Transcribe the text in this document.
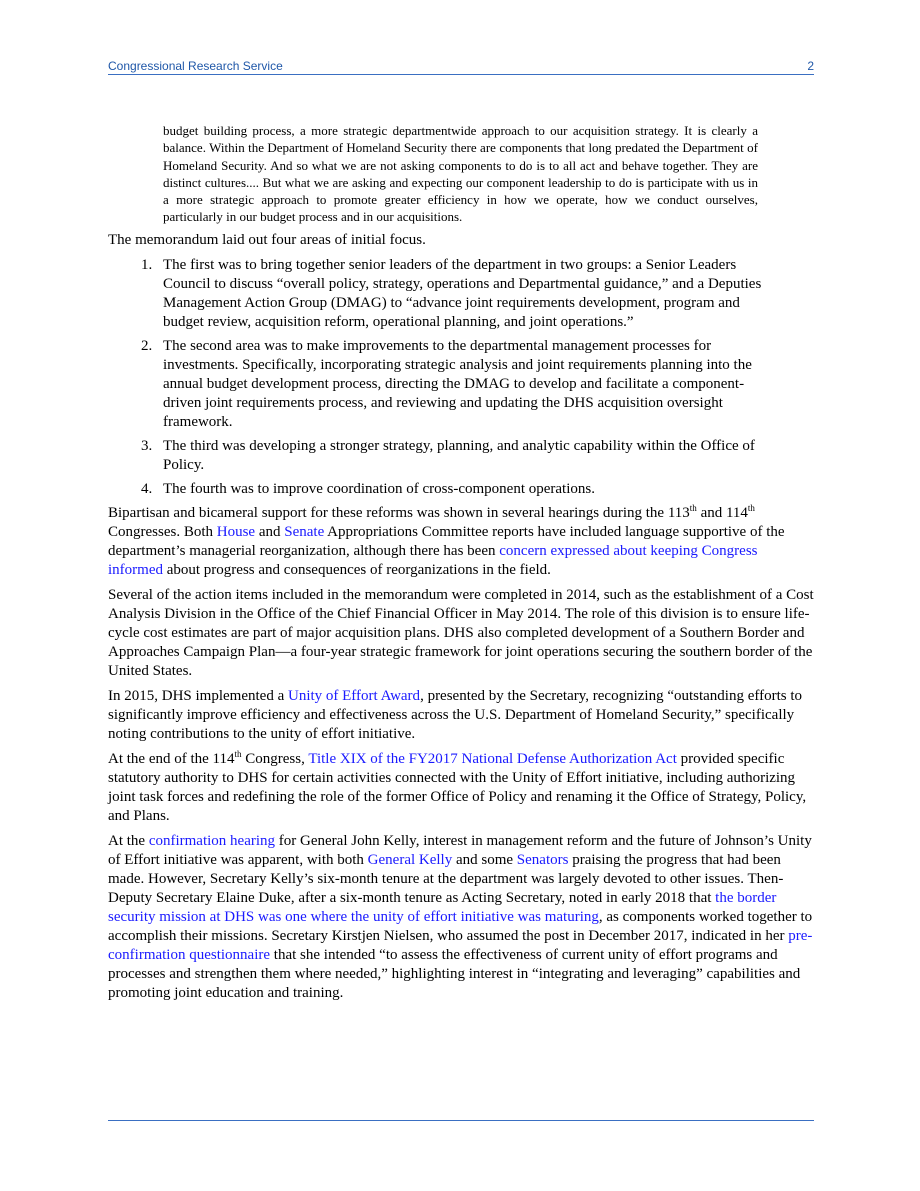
Congressional Research Service	2

budget building process, a more strategic departmentwide approach to our acquisition strategy. It is clearly a balance. Within the Department of Homeland Security there are components that long predated the Department of Homeland Security. And so what we are not asking components to do is to all act and behave together. They are distinct cultures.... But what we are asking and expecting our component leadership to do is participate with us in a more strategic approach to promote greater efficiency in how we operate, how we conduct ourselves, particularly in our budget process and in our acquisitions.

The memorandum laid out four areas of initial focus.

1. The first was to bring together senior leaders of the department in two groups: a Senior Leaders Council to discuss “overall policy, strategy, operations and Departmental guidance,” and a Deputies Management Action Group (DMAG) to “advance joint requirements development, program and budget review, acquisition reform, operational planning, and joint operations.”
2. The second area was to make improvements to the departmental management processes for investments. Specifically, incorporating strategic analysis and joint requirements planning into the annual budget development process, directing the DMAG to develop and facilitate a component-driven joint requirements process, and reviewing and updating the DHS acquisition oversight framework.
3. The third was developing a stronger strategy, planning, and analytic capability within the Office of Policy.
4. The fourth was to improve coordination of cross-component operations.

Bipartisan and bicameral support for these reforms was shown in several hearings during the 113th and 114th Congresses. Both House and Senate Appropriations Committee reports have included language supportive of the department’s managerial reorganization, although there has been concern expressed about keeping Congress informed about progress and consequences of reorganizations in the field.

Several of the action items included in the memorandum were completed in 2014, such as the establishment of a Cost Analysis Division in the Office of the Chief Financial Officer in May 2014. The role of this division is to ensure life-cycle cost estimates are part of major acquisition plans. DHS also completed development of a Southern Border and Approaches Campaign Plan—a four-year strategic framework for joint operations securing the southern border of the United States.

In 2015, DHS implemented a Unity of Effort Award, presented by the Secretary, recognizing “outstanding efforts to significantly improve efficiency and effectiveness across the U.S. Department of Homeland Security,” specifically noting contributions to the unity of effort initiative.

At the end of the 114th Congress, Title XIX of the FY2017 National Defense Authorization Act provided specific statutory authority to DHS for certain activities connected with the Unity of Effort initiative, including authorizing joint task forces and redefining the role of the former Office of Policy and renaming it the Office of Strategy, Policy, and Plans.

At the confirmation hearing for General John Kelly, interest in management reform and the future of Johnson’s Unity of Effort initiative was apparent, with both General Kelly and some Senators praising the progress that had been made. However, Secretary Kelly’s six-month tenure at the department was largely devoted to other issues. Then-Deputy Secretary Elaine Duke, after a six-month tenure as Acting Secretary, noted in early 2018 that the border security mission at DHS was one where the unity of effort initiative was maturing, as components worked together to accomplish their missions. Secretary Kirstjen Nielsen, who assumed the post in December 2017, indicated in her pre-confirmation questionnaire that she intended “to assess the effectiveness of current unity of effort programs and processes and strengthen them where needed,” highlighting interest in “integrating and leveraging” capabilities and promoting joint education and training.
